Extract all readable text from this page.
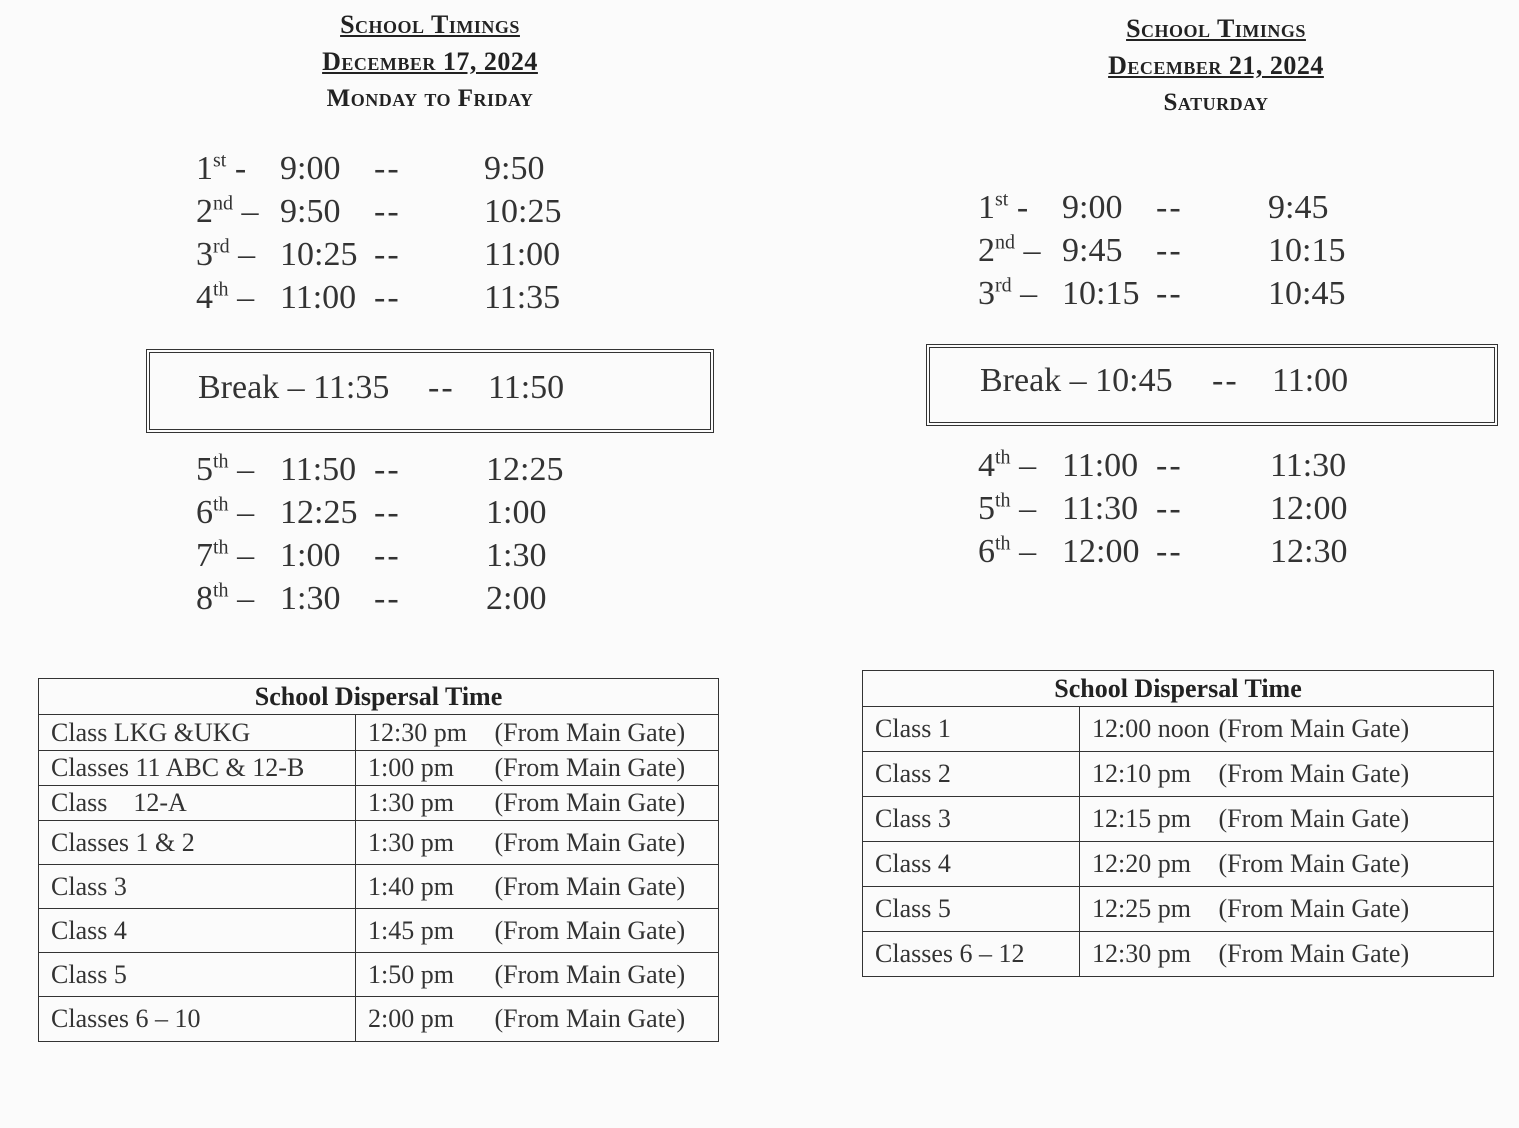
School Timings
December 17, 2024
Monday to Friday
1st - 9:00 -- 9:50
2nd – 9:50 -- 10:25
3rd – 10:25 -- 11:00
4th – 11:00 -- 11:35
Break – 11:35 -- 11:50
5th – 11:50 --	12:25
6th – 12:25 --	1:00
7th – 1:00 --	1:30
8th – 1:30 --	2:00
School Dispersal Time	
Class LKG &UKG	12:30 pm (From Main Gate)
Classes 11 ABC & 12-B	1:00 pm (From Main Gate)
Class    12-A	1:30 pm (From Main Gate)
Classes 1 & 2	1:30 pm (From Main Gate)
Class 3	1:40 pm (From Main Gate)
Class 4	1:45 pm (From Main Gate)
Class 5	1:50 pm (From Main Gate)
Classes 6 – 10	2:00 pm (From Main Gate)
School Timings
December 21, 2024
Saturday
1st - 9:00 --	9:45
2nd – 9:45 --	10:15
3rd – 10:15 --	10:45
Break – 10:45 -- 11:00
4th – 11:00 --	11:30
5th – 11:30 --	12:00
6th – 12:00 --	12:30
School Dispersal Time	
Class 1	12:00 noon (From Main Gate)
Class 2	12:10 pm (From Main Gate)
Class 3	12:15 pm (From Main Gate)
Class 4	12:20 pm (From Main Gate)
Class 5	12:25 pm (From Main Gate)
Classes 6 – 12	12:30 pm (From Main Gate)
